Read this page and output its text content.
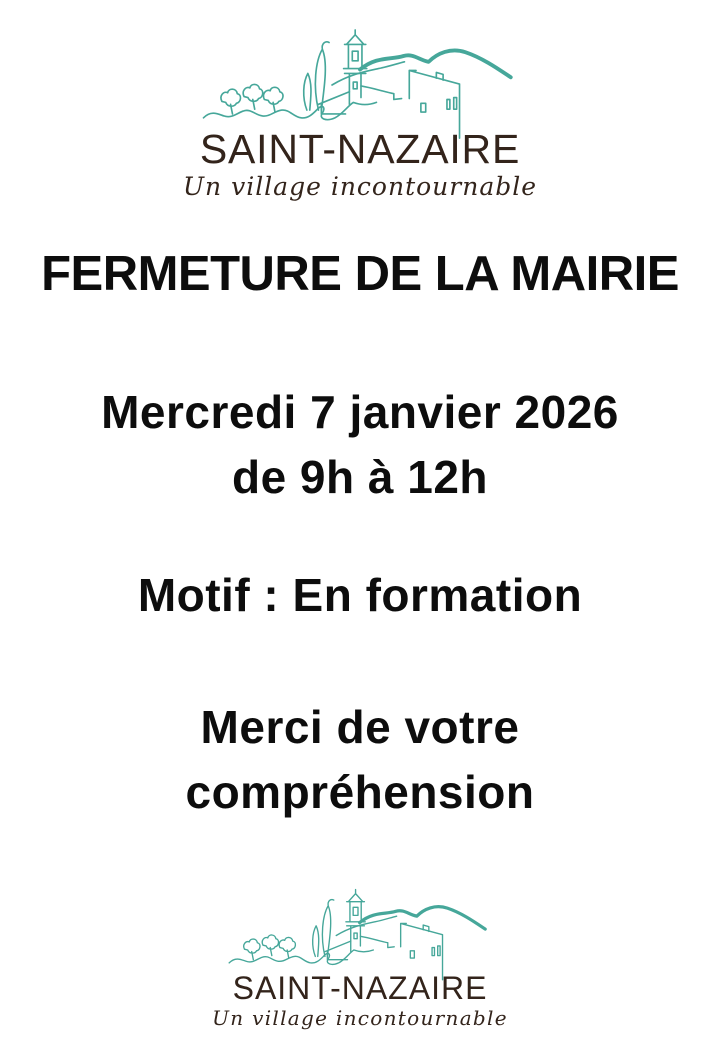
SAINT-NAZAIRE
Un village incontournable
FERMETURE DE LA MAIRIE

Mercredi 7 janvier 2026
de 9h à 12h

Motif : En formation

Merci de votre
compréhension

SAINT-NAZAIRE
Un village incontournable
